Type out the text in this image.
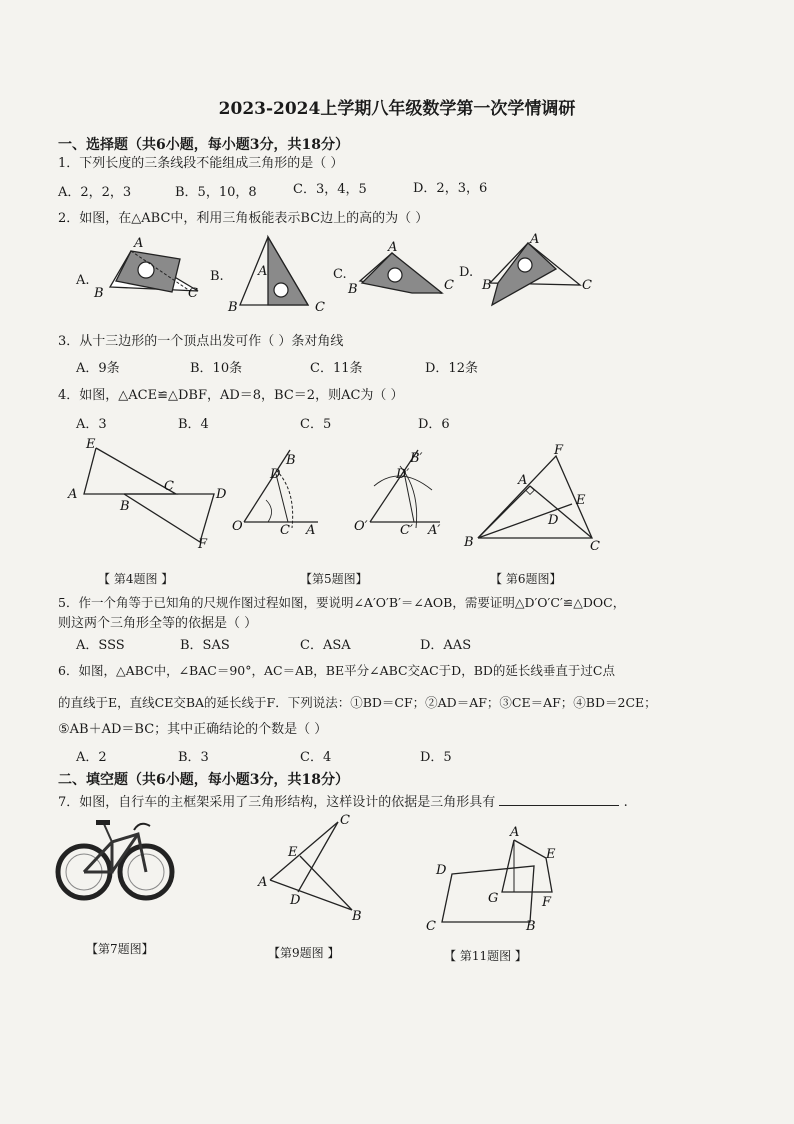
2023-2024上学期八年级数学第一次学情调研
一、选择题（共6小题，每小题3分，共18分）
1．下列长度的三条线段不能组成三角形的是（ ）
A．2，2，3	B．5，10，8	C．3，4，5	D．2，3，6
2．如图，在△ABC中，利用三角板能表示BC边上的高的为（ ）
A.	B.	C.	D.
B	C
A
A
B	C
A
B	C
A
B	C
3．从十三边形的一个顶点出发可作（ ）条对角线
A．9条	B．10条	C．11条	D．12条
4．如图，△ACE≌△DBF，AD＝8，BC＝2，则AC为（ ）
A．3	B．4	C．5	D．6
E
A
C
B
D
F
B
D
O	C A
B′
D′
O′ C′ A′
F
A
E
D
B	C
【 第4题图 】	【第5题图】	【 第6题图】
5．作一个角等于已知角的尺规作图过程如图，要说明∠A′O′B′＝∠AOB，需要证明△D′O′C′≌△DOC，
则这两个三角形全等的依据是（ ）
A．SSS	B．SAS	C．ASA	D．AAS
6．如图，△ABC中，∠BAC＝90°，AC＝AB，BE平分∠ABC交AC于D，BD的延长线垂直于过C点
的直线于E，直线CE交BA的延长线于F．下列说法：①BD＝CF；②AD＝AF；③CE＝AF；④BD＝2CE；
⑤AB＋AD＝BC；其中正确结论的个数是（ ）
A．2	B．3	C．4	D．5
二、填空题（共6小题，每小题3分，共18分）
7．如图，自行车的主框架采用了三角形结构，这样设计的依据是三角形具有	.
C
E
A
D
B
A
E
D
G	F
C	B
【第7题图】	【第9题图 】	【 第11题图 】
